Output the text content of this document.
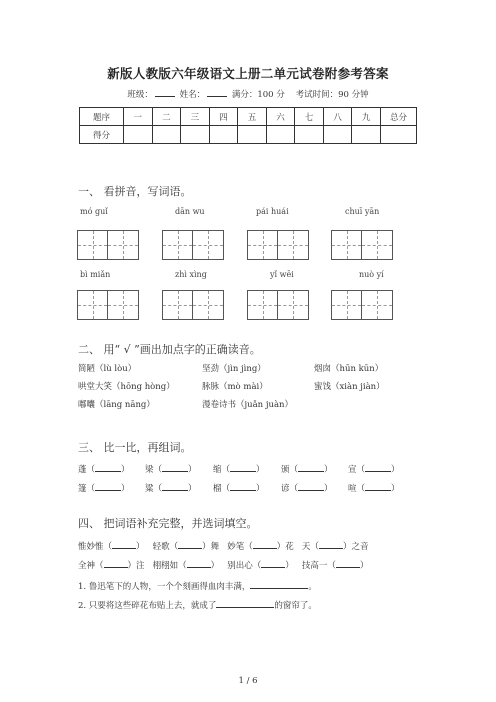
新版人教版六年级语文上册二单元试卷附参考答案
班级：	姓名：	满分：100 分 考试时间：90 分钟
题序	一	二	三	四	五	六	七	八	九	总分
得分										
一、 看拼音，写词语。
mó guǐ	dān wu	pái huái	chuī yān
bì miǎn	zhì xìng	yǐ wēi	nuò yí
二、 用“ √ ”画出加点字的正确读音。
简陋（lù lòu）	坚劲（jìn jìng）	烟囱（hūn kūn）
哄堂大笑（hōng hòng）	脉脉（mò mài）	蜜饯（xiàn jiàn）
嘟囔（lāng nāng）	漫卷诗书（juǎn juàn）
三、 比一比，再组词。
蓬（	） 梁（	） 缩（	） 颁（	） 宣（	）
篷（	） 粱（	） 榴（	） 谚（	） 喧（	）
四、 把词语补充完整，并选词填空。
惟妙惟（	） 轻歌（	）舞 妙笔（	）花 天（	）之音
全神（	）注 栩栩如（	） 别出心（	） 技高一（	）
1. 鲁迅笔下的人物，一个个刻画得血肉丰满，	。
2. 只要将这些碎花布贴上去，就成了	的窗帘了。
1 / 6
